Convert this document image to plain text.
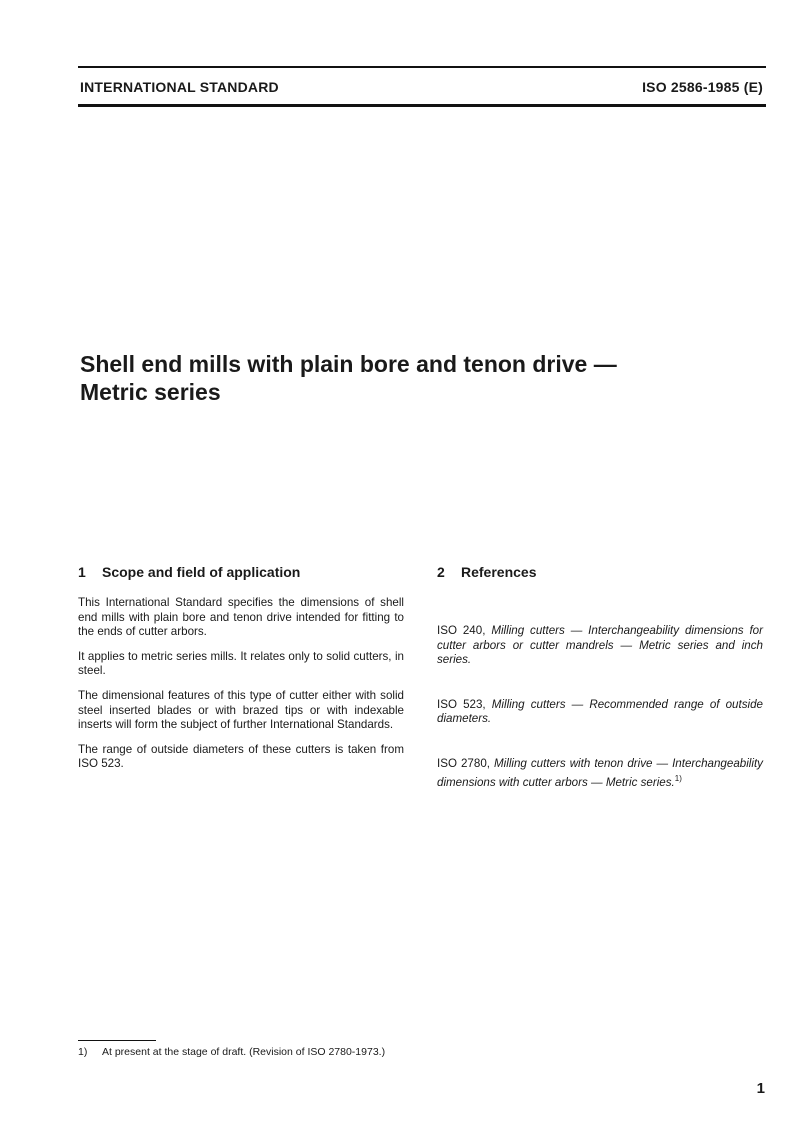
INTERNATIONAL STANDARD	ISO 2586-1985 (E)
Shell end mills with plain bore and tenon drive —
Metric series
1 Scope and field of application

This International Standard specifies the dimensions of shell end mills with plain bore and tenon drive intended for fitting to the ends of cutter arbors.

It applies to metric series mills. It relates only to solid cutters, in steel.

The dimensional features of this type of cutter either with solid steel inserted blades or with brazed tips or with indexable inserts will form the subject of further International Standards.

The range of outside diameters of these cutters is taken from ISO 523.

2 References

ISO 240, Milling cutters — Interchangeability dimensions for cutter arbors or cutter mandrels — Metric series and inch series.

ISO 523, Milling cutters — Recommended range of outside diameters.

ISO 2780, Milling cutters with tenon drive — Interchangeability dimensions with cutter arbors — Metric series.$^{1)}$

1) At present at the stage of draft. (Revision of ISO 2780-1973.)
1
